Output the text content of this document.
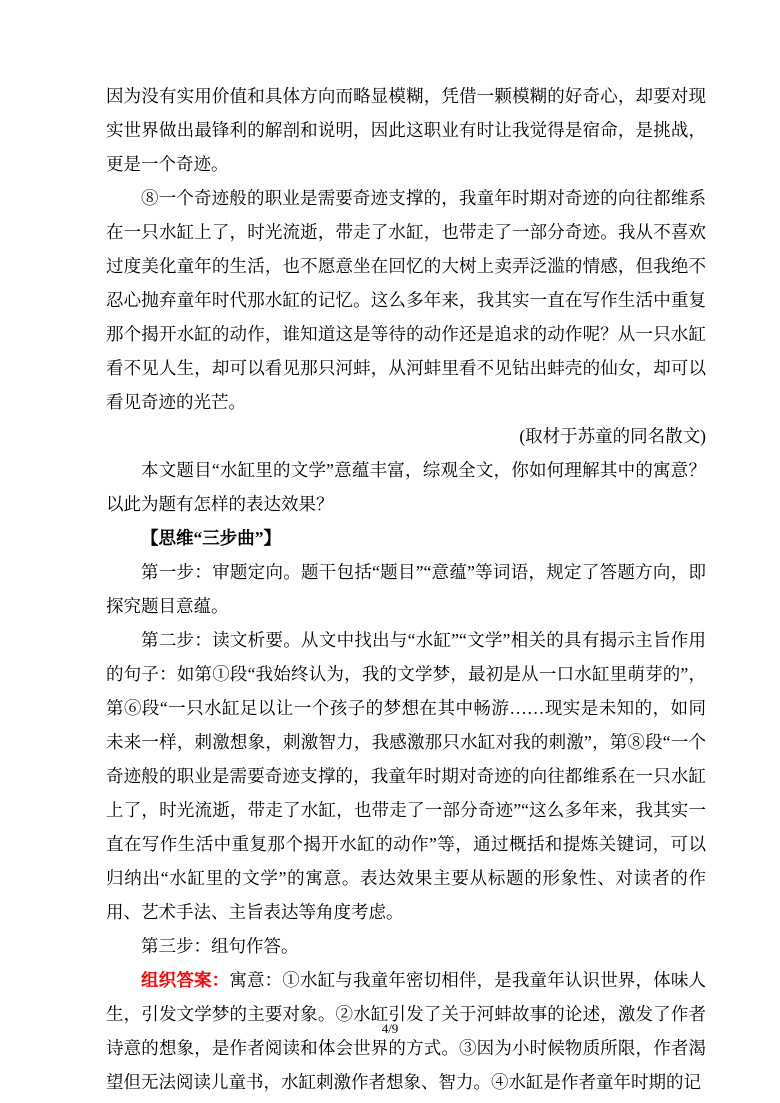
因为没有实用价值和具体方向而略显模糊，凭借一颗模糊的好奇心，却要对现实世界做出最锋利的解剖和说明，因此这职业有时让我觉得是宿命，是挑战，更是一个奇迹。

⑧一个奇迹般的职业是需要奇迹支撑的，我童年时期对奇迹的向往都维系在一只水缸上了，时光流逝，带走了水缸，也带走了一部分奇迹。我从不喜欢过度美化童年的生活，也不愿意坐在回忆的大树上卖弄泛滥的情感，但我绝不忍心抛弃童年时代那水缸的记忆。这么多年来，我其实一直在写作生活中重复那个揭开水缸的动作，谁知道这是等待的动作还是追求的动作呢？从一只水缸看不见人生，却可以看见那只河蚌，从河蚌里看不见钻出蚌壳的仙女，却可以看见奇迹的光芒。

(取材于苏童的同名散文)

本文题目“水缸里的文学”意蕴丰富，综观全文，你如何理解其中的寓意？以此为题有怎样的表达效果？

【思维“三步曲”】

第一步：审题定向。题干包括“题目”“意蕴”等词语，规定了答题方向，即探究题目意蕴。

第二步：读文析要。从文中找出与“水缸”“文学”相关的具有揭示主旨作用的句子：如第①段“我始终认为，我的文学梦，最初是从一口水缸里萌芽的”，第⑥段“一只水缸足以让一个孩子的梦想在其中畅游……现实是未知的，如同未来一样，刺激想象，刺激智力，我感激那只水缸对我的刺激”，第⑧段“一个奇迹般的职业是需要奇迹支撑的，我童年时期对奇迹的向往都维系在一只水缸上了，时光流逝，带走了水缸，也带走了一部分奇迹”“这么多年来，我其实一直在写作生活中重复那个揭开水缸的动作”等，通过概括和提炼关键词，可以归纳出“水缸里的文学”的寓意。表达效果主要从标题的形象性、对读者的作用、艺术手法、主旨表达等角度考虑。

第三步：组句作答。

组织答案：寓意：①水缸与我童年密切相伴，是我童年认识世界，体味人生，引发文学梦的主要对象。②水缸引发了关于河蚌故事的论述，激发了作者诗意的想象，是作者阅读和体会世界的方式。③因为小时候物质所限，作者渴望但无法阅读儿童书，水缸刺激作者想象、智力。④水缸是作者童年时期的记

4/9
